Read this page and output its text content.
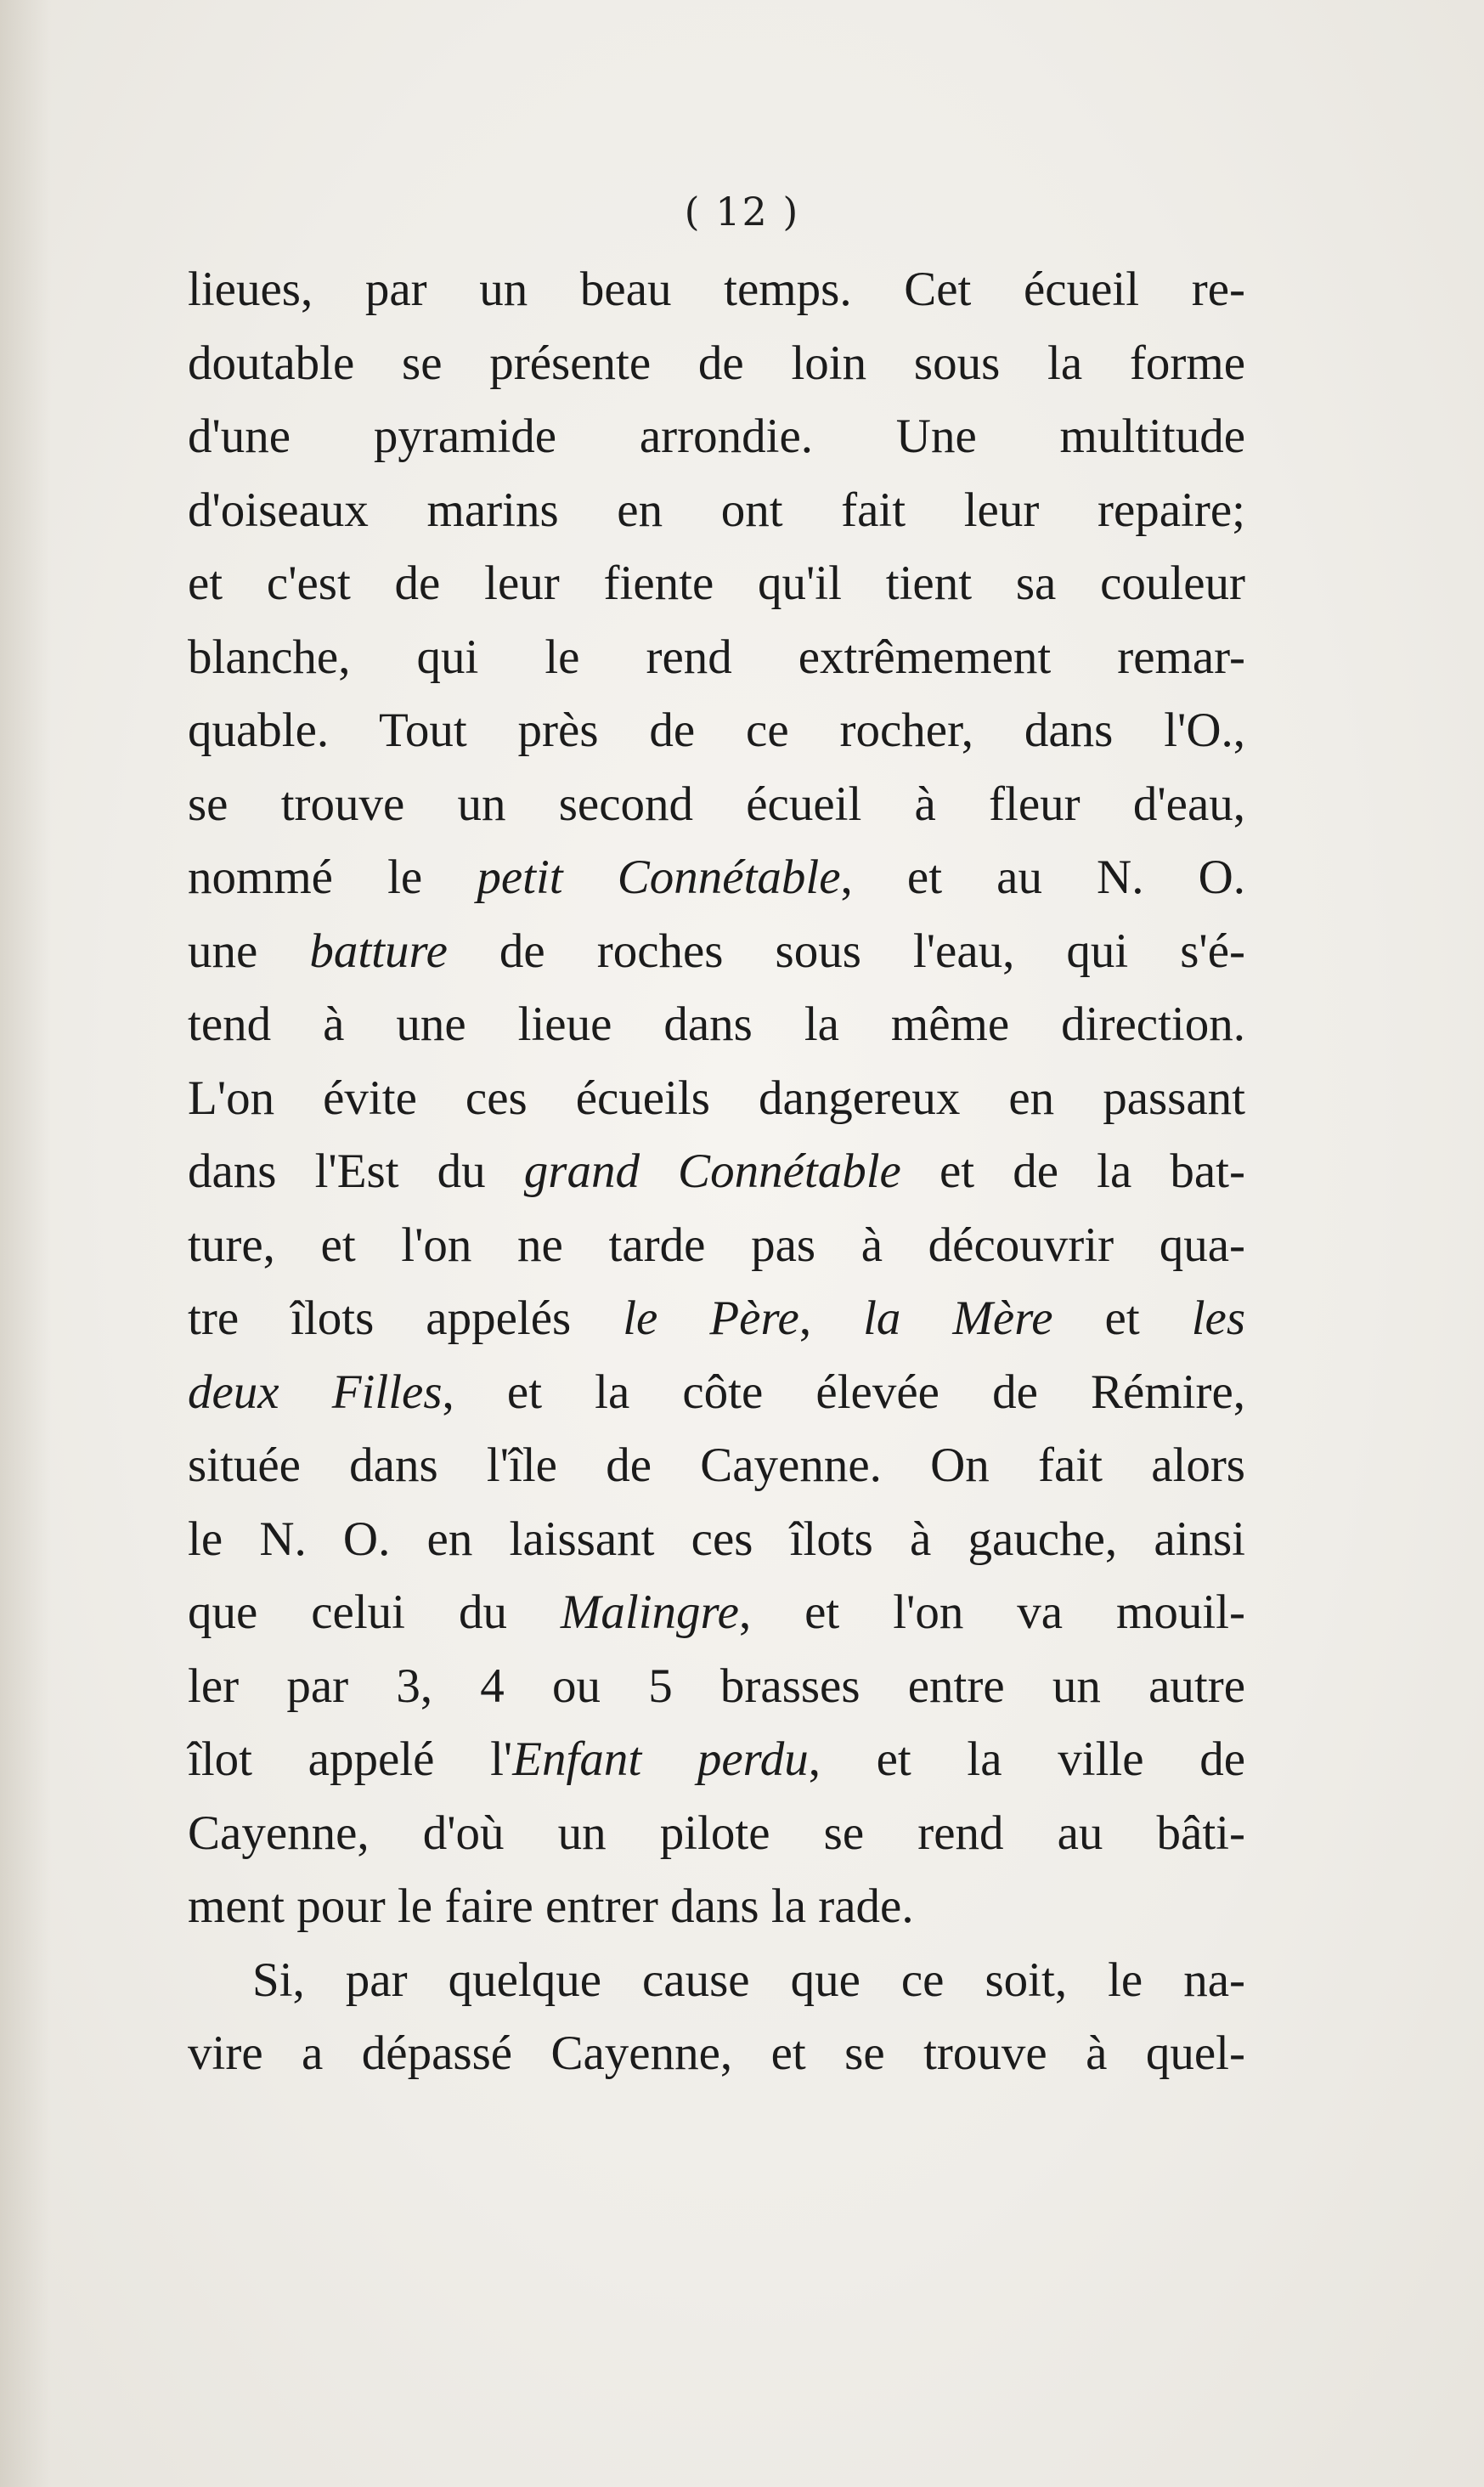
( 12 )
lieues, par un beau temps. Cet écueil re-
doutable se présente de loin sous la forme
d'une pyramide arrondie. Une multitude
d'oiseaux marins en ont fait leur repaire;
et c'est de leur fiente qu'il tient sa couleur
blanche, qui le rend extrêmement remar-
quable. Tout près de ce rocher, dans l'O.,
se trouve un second écueil à fleur d'eau,
nommé le petit Connétable, et au N. O.
une batture de roches sous l'eau, qui s'é-
tend à une lieue dans la même direction.
L'on évite ces écueils dangereux en passant
dans l'Est du grand Connétable et de la bat-
ture, et l'on ne tarde pas à découvrir qua-
tre îlots appelés le Père, la Mère et les
deux Filles, et la côte élevée de Rémire,
située dans l'île de Cayenne. On fait alors
le N. O. en laissant ces îlots à gauche, ainsi
que celui du Malingre, et l'on va mouil-
ler par 3, 4 ou 5 brasses entre un autre
îlot appelé l'Enfant perdu, et la ville de
Cayenne, d'où un pilote se rend au bâti-
ment pour le faire entrer dans la rade.
Si, par quelque cause que ce soit, le na-
vire a dépassé Cayenne, et se trouve à quel-
